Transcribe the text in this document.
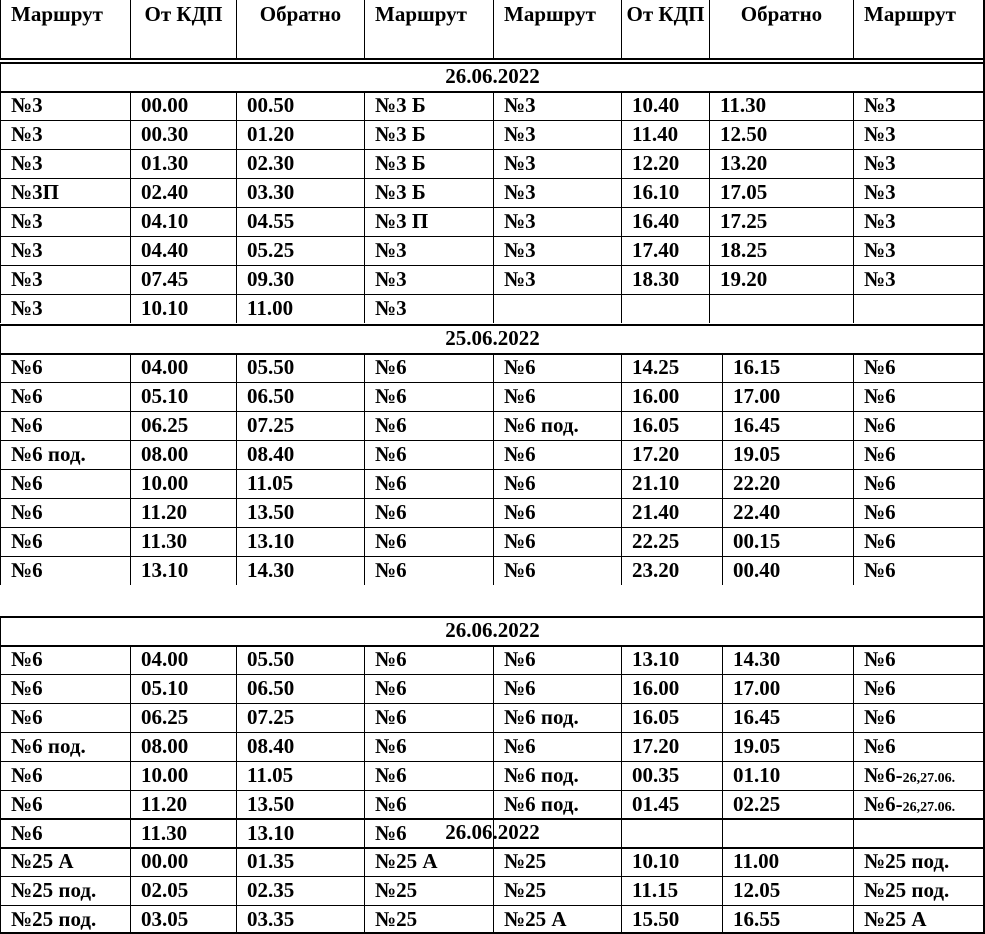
Маршрут	От КДП	Обратно	Маршрут	Маршрут	От КДП	Обратно	Маршрут
26.06.2022
№3	00.00	00.50	№3 Б	№3	10.40	11.30	№3
№3	00.30	01.20	№3 Б	№3	11.40	12.50	№3
№3	01.30	02.30	№3 Б	№3	12.20	13.20	№3
№3П	02.40	03.30	№3 Б	№3	16.10	17.05	№3
№3	04.10	04.55	№3 П	№3	16.40	17.25	№3
№3	04.40	05.25	№3	№3	17.40	18.25	№3
№3	07.45	09.30	№3	№3	18.30	19.20	№3
№3	10.10	11.00	№3
25.06.2022
№6	04.00	05.50	№6	№6	14.25	16.15	№6
№6	05.10	06.50	№6	№6	16.00	17.00	№6
№6	06.25	07.25	№6	№6 под.	16.05	16.45	№6
№6 под.	08.00	08.40	№6	№6	17.20	19.05	№6
№6	10.00	11.05	№6	№6	21.10	22.20	№6
№6	11.20	13.50	№6	№6	21.40	22.40	№6
№6	11.30	13.10	№6	№6	22.25	00.15	№6
№6	13.10	14.30	№6	№6	23.20	00.40	№6
26.06.2022
№6	04.00	05.50	№6	№6	13.10	14.30	№6
№6	05.10	06.50	№6	№6	16.00	17.00	№6
№6	06.25	07.25	№6	№6 под.	16.05	16.45	№6
№6 под.	08.00	08.40	№6	№6	17.20	19.05	№6
№6	10.00	11.05	№6	№6 под.	00.35	01.10	№6-26,27.06.
№6	11.20	13.50	№6	№6 под.	01.45	02.25	№6-26,27.06.
№6	11.30	13.10	№6	26.06.2022
№25 А	00.00	01.35	№25 А	№25	10.10	11.00	№25 под.
№25 под.	02.05	02.35	№25	№25	11.15	12.05	№25 под.
№25 под.	03.05	03.35	№25	№25 А	15.50	16.55	№25 А
